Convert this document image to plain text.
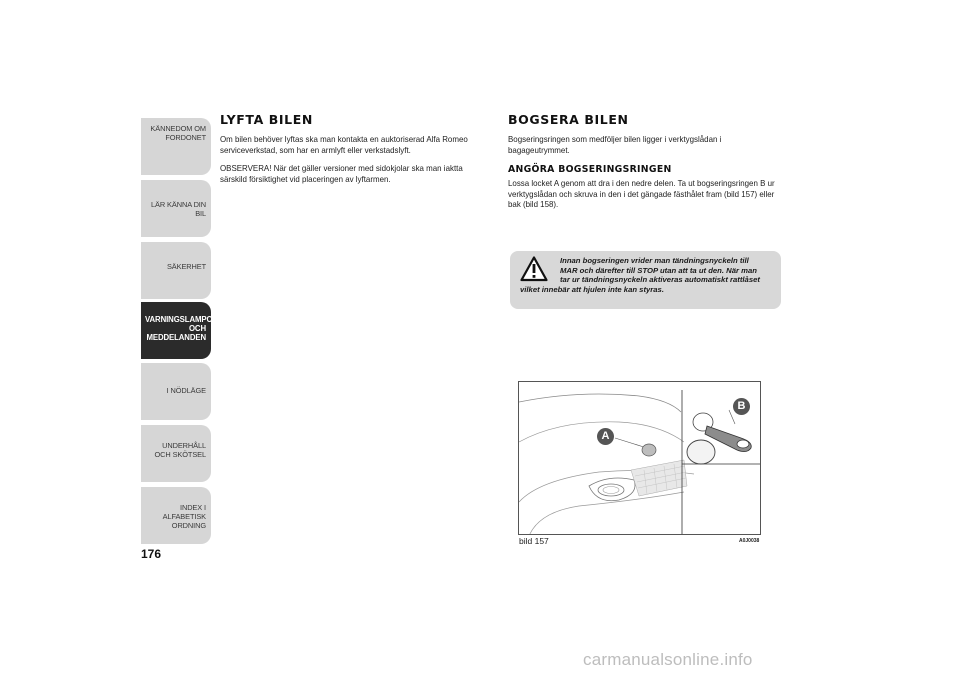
KÄNNEDOM OM FORDONET
LÄR KÄNNA DIN BIL
SÄKERHET
VARNINGSLAMPOR OCH MEDDELANDEN
I NÖDLÄGE
UNDERHÅLL OCH SKÖTSEL
INDEX I ALFABETISK ORDNING
176
LYFTA BILEN

Om bilen behöver lyftas ska man kontakta en auktoriserad Alfa Romeo serviceverkstad, som har en armlyft eller verkstadslyft.

OBSERVERA! När det gäller versioner med sidokjolar ska man iaktta särskild försiktighet vid placeringen av lyftarmen.

BOGSERA BILEN

Bogseringsringen som medföljer bilen ligger i verktygslådan i bagageutrymmet.

ANGÖRA BOGSERINGSRINGEN

Lossa locket A genom att dra i den nedre delen. Ta ut bogseringsringen B ur verktygslådan och skruva in den i det gängade fästhålet fram (bild 157) eller bak (bild 158).

Innan bogseringen vrider man tändningsnyckeln till
MAR och därefter till STOP utan att ta ut den. När man
tar ur tändningsnyckeln aktiveras automatiskt rattlåset
vilket innebär att hjulen inte kan styras.
A
B
bild 157	A0J0038
carmanualsonline.info
